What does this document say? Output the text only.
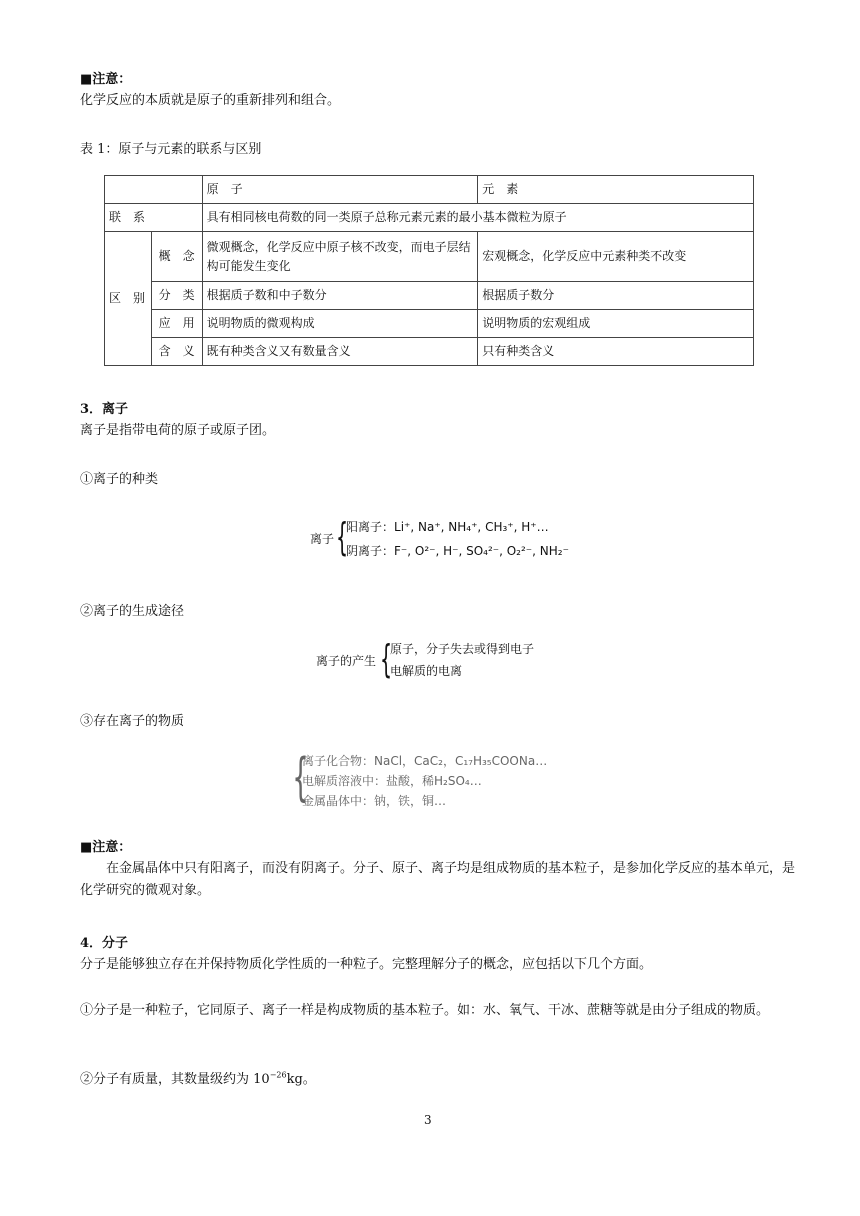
■注意：
化学反应的本质就是原子的重新排列和组合。
表 1：原子与元素的联系与区别
		原　子	元　素
联　系		具有相同核电荷数的同一类原子总称元素元素的最小基本微粒为原子	
区　别	概　念	微观概念，化学反应中原子核不改变，而电子层结构可能发生变化	宏观概念，化学反应中元素种类不改变
	分　类	根据质子数和中子数分	根据质子数分
	应　用	说明物质的微观构成	说明物质的宏观组成
	含　义	既有种类含义又有数量含义	只有种类含义
3．离子
离子是指带电荷的原子或原子团。
①离子的种类
离子 {
阳离子：Li⁺, Na⁺, NH₄⁺, CH₃⁺, H⁺…
阴离子：F⁻, O²⁻, H⁻, SO₄²⁻, O₂²⁻, NH₂⁻
②离子的生成途径
离子的产生 {
原子，分子失去或得到电子
电解质的电离
③存在离子的物质
{
离子化合物：NaCl，CaC₂，C₁₇H₃₅COONa…
电解质溶液中：盐酸，稀H₂SO₄…
金属晶体中：钠，铁，铜…
■注意：
在金属晶体中只有阳离子，而没有阴离子。分子、原子、离子均是组成物质的基本粒子，是参加化学反应的基本单元，是化学研究的微观对象。
4．分子
分子是能够独立存在并保持物质化学性质的一种粒子。完整理解分子的概念，应包括以下几个方面。
①分子是一种粒子，它同原子、离子一样是构成物质的基本粒子。如：水、氧气、干冰、蔗糖等就是由分子组成的物质。
②分子有质量，其数量级约为 $10^{-26}kg$。
3
